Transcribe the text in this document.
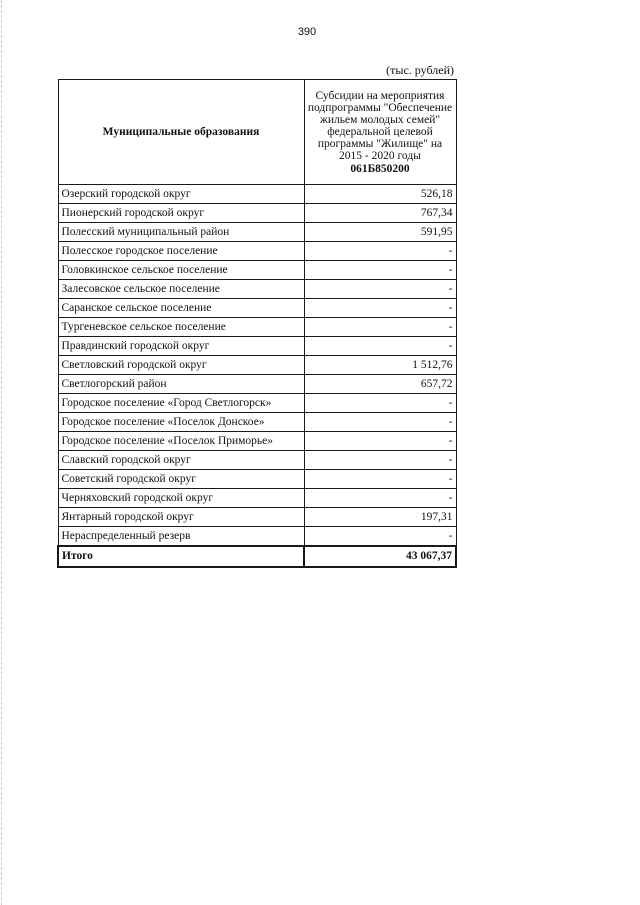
390
(тыс. рублей)
Муниципальные образования	Субсидии на мероприятия подпрограммы "Обеспечение жильем молодых семей" федеральной целевой программы "Жилище" на 2015 - 2020 годы
061Б850200

Озерский городской округ	526,18
Пионерский городской округ	767,34
Полесский муниципальный район	591,95
Полесское городское поселение	-
Головкинское сельское поселение	-
Залесовское сельское поселение	-
Саранское сельское поселение	-
Тургеневское сельское поселение	-
Правдинский городской округ	-
Светловский городской округ	1 512,76
Светлогорский район	657,72
Городское поселение «Город Светлогорск»	-
Городское поселение «Поселок Донское»	-
Городское поселение «Поселок Приморье»	-
Славский городской округ	-
Советский городской округ	-
Черняховский городской округ	-
Янтарный городской округ	197,31
Нераспределенный резерв	-
Итого	43 067,37
